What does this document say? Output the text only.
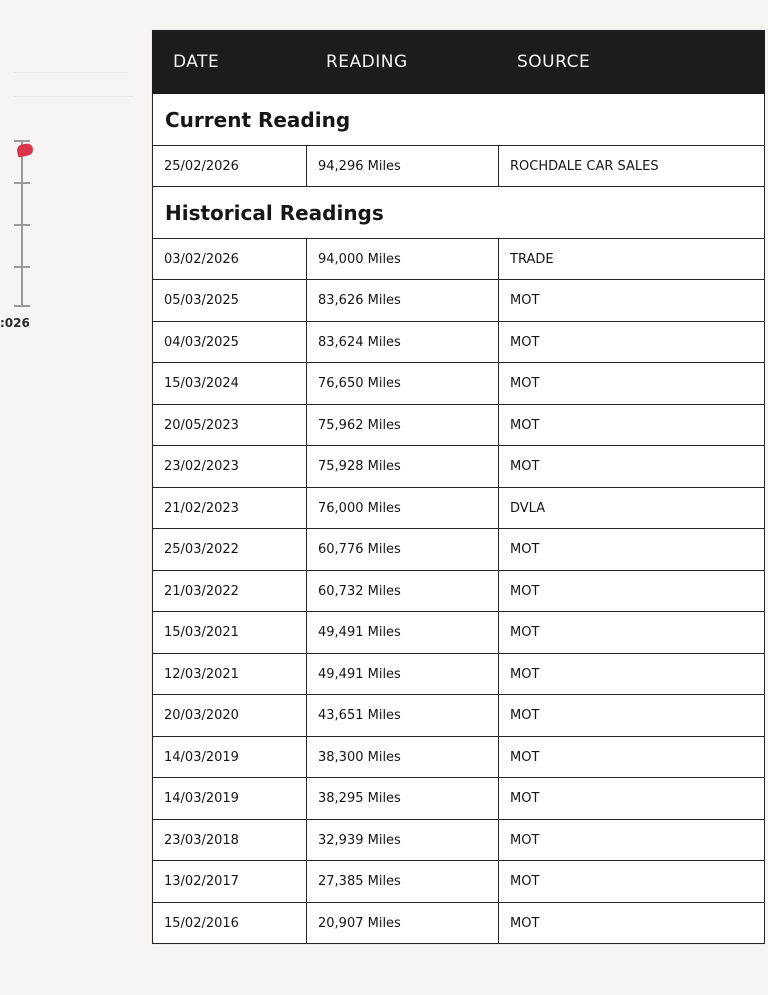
:026
DATE	READING	SOURCE
Current Reading		
25/02/2026	94,296 Miles	ROCHDALE CAR SALES
Historical Readings		
03/02/2026	94,000 Miles	TRADE
05/03/2025	83,626 Miles	MOT
04/03/2025	83,624 Miles	MOT
15/03/2024	76,650 Miles	MOT
20/05/2023	75,962 Miles	MOT
23/02/2023	75,928 Miles	MOT
21/02/2023	76,000 Miles	DVLA
25/03/2022	60,776 Miles	MOT
21/03/2022	60,732 Miles	MOT
15/03/2021	49,491 Miles	MOT
12/03/2021	49,491 Miles	MOT
20/03/2020	43,651 Miles	MOT
14/03/2019	38,300 Miles	MOT
14/03/2019	38,295 Miles	MOT
23/03/2018	32,939 Miles	MOT
13/02/2017	27,385 Miles	MOT
15/02/2016	20,907 Miles	MOT
